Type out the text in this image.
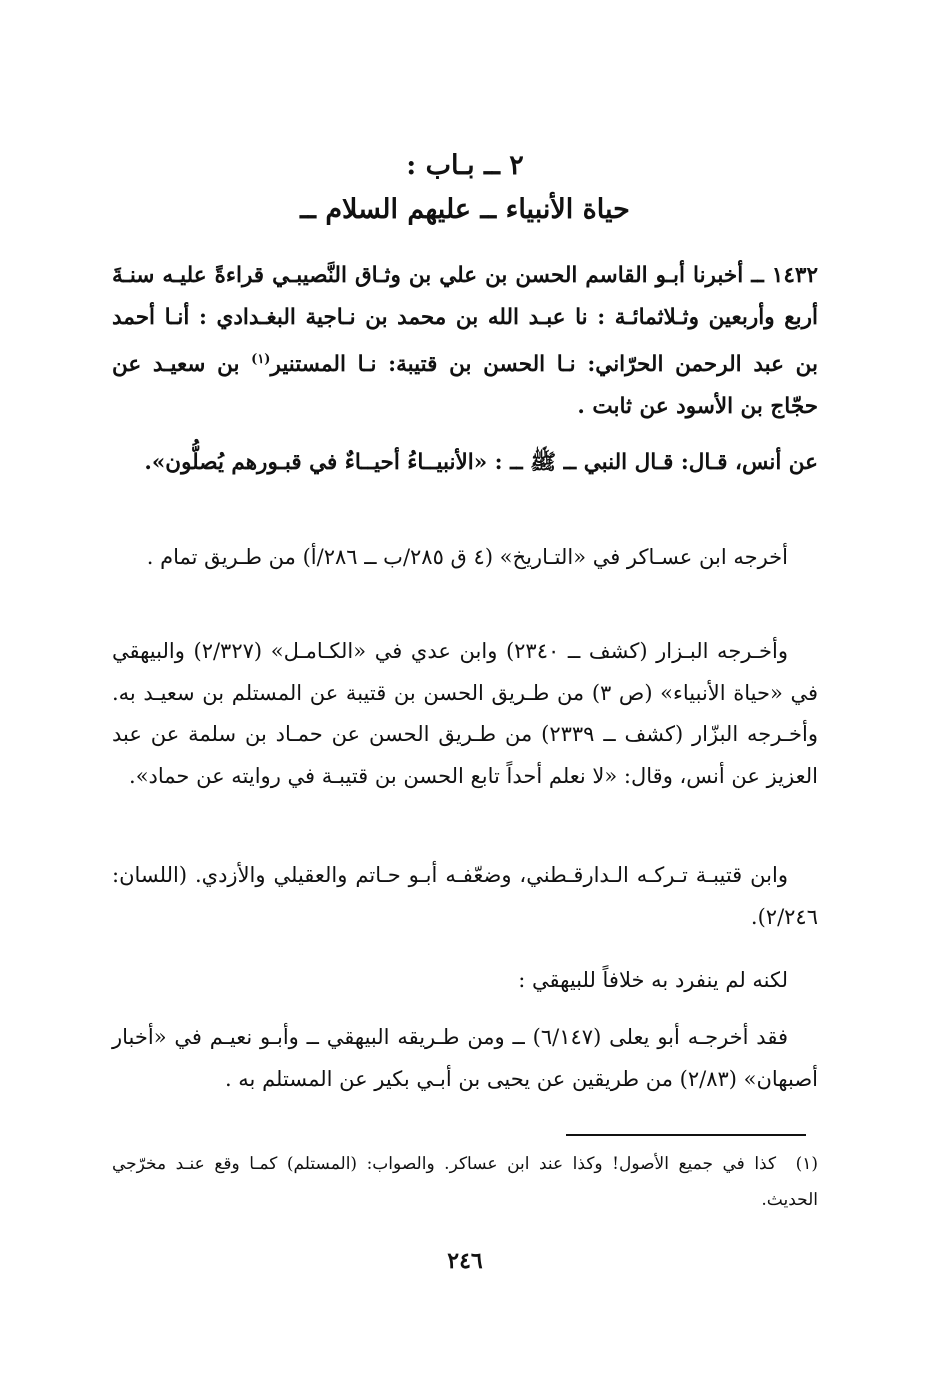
٢ ــ بـاب :
حياة الأنبياء ــ عليهم السلام ــ
١٤٣٢ ــ أخبرنا أبـو القاسم الحسن بن علي بن وثـاق النَّصيبـي قراءةً عليـه سنـةَ أربع وأربعين وثـلاثمائـة : نا عبـد الله بن محمد بن نـاجية البغـدادي : أنـا أحمد بن عبد الرحمن الحرّاني: نـا الحسن بن قتيبة: نـا المستنير$^{(١)}$ بن سعيـد عن حجّاج بن الأسود عن ثابت .
عن أنس، قـال: قـال النبي ــ ﷺ ــ : «الأنبيــاءُ أحيــاءٌ في قبـورهم يُصلُّون».
أخرجه ابن عسـاكر في «التـاريخ» (٤ ق ٢٨٥/ب ــ ٢٨٦/أ) من طـريق تمام .
وأخـرجه البـزار (كشف ــ ٢٣٤٠) وابن عدي في «الكـامـل» (٢/٣٢٧) والبيهقي في «حياة الأنبياء» (ص ٣) من طـريق الحسن بن قتيبة عن المستلم بن سعيـد به. وأخـرجه البزّار (كشف ــ ٢٣٣٩) من طـريق الحسن عن حمـاد بن سلمة عن عبد العزيز عن أنس، وقال: «لا نعلم أحداً تابع الحسن بن قتيبـة في روايته عن حماد».
وابن قتيبـة تـركـه الـدارقـطني، وضعّفـه أبـو حـاتم والعقيلي والأزدي. (اللسان: ٢/٢٤٦).
لكنه لم ينفرد به خلافاً للبيهقي :
فقد أخرجـه أبو يعلى (٦/١٤٧) ــ ومن طـريقه البيهقي ــ وأبـو نعيـم في «أخبار أصبهان» (٢/٨٣) من طريقين عن يحيى بن أبـي بكير عن المستلم به .
(١) كذا في جميع الأصول! وكذا عند ابن عساكر. والصواب: (المستلم) كمـا وقع عنـد مخرّجي الحديث.
٢٤٦
